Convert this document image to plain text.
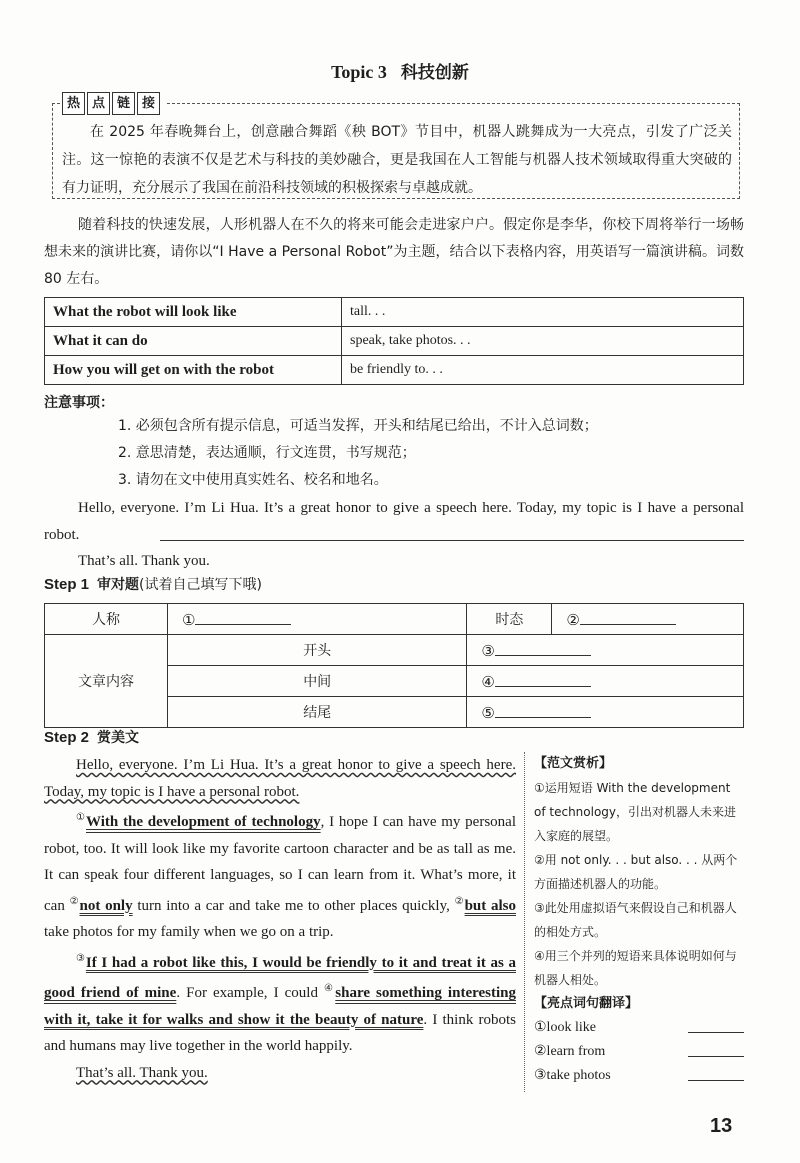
Topic 3 科技创新
热 点 链 接
在 2025 年春晚舞台上，创意融合舞蹈《秧 BOT》节目中，机器人跳舞成为一大亮点，引发了广泛关注。这一惊艳的表演不仅是艺术与科技的美妙融合，更是我国在人工智能与机器人技术领域取得重大突破的有力证明，充分展示了我国在前沿科技领域的积极探索与卓越成就。
随着科技的快速发展，人形机器人在不久的将来可能会走进家户户。假定你是李华，你校下周将举行一场畅想未来的演讲比赛，请你以“I Have a Personal Robot”为主题，结合以下表格内容，用英语写一篇演讲稿。词数 80 左右。
What the robot will look like	tall. . .
What it can do	speak, take photos. . .
How you will get on with the robot	be friendly to. . .
注意事项：
1. 必须包含所有提示信息，可适当发挥，开头和结尾已给出，不计入总词数；
2. 意思清楚，表达通顺，行文连贯，书写规范；
3. 请勿在文中使用真实姓名、校名和地名。
Hello, everyone. I’m Li Hua. It’s a great honor to give a speech here. Today, my topic is I have a personal robot.
That’s all. Thank you.
Step 1 审对题(试着自己填写下哦)
人称	①	时态	②
文章内容	开头	③	
	中间	④	
	结尾	⑤	
Step 2 赏美文

Hello, everyone. I’m Li Hua. It’s a great honor to give a speech here. Today, my topic is I have a personal robot.

①With the development of technology, I hope I can have my personal robot, too. It will look like my favorite cartoon character and be as tall as me. It can speak four different languages, so I can learn from it. What’s more, it can ②not only turn into a car and take me to other places quickly, ②but also take photos for my family when we go on a trip.

③If I had a robot like this, I would be friendly to it and treat it as a good friend of mine. For example, I could ④share something interesting with it, take it for walks and show it the beauty of nature. I think robots and humans may live together in the world happily.

That’s all. Thank you.

【范文赏析】
①运用短语 With the development of technology，引出对机器人未来进入家庭的展望。
②用 not only. . . but also. . . 从两个方面描述机器人的功能。
③此处用虚拟语气来假设自己和机器人的相处方式。
④用三个并列的短语来具体说明如何与机器人相处。
【亮点词句翻译】
①look like
②learn from
③take photos
13
